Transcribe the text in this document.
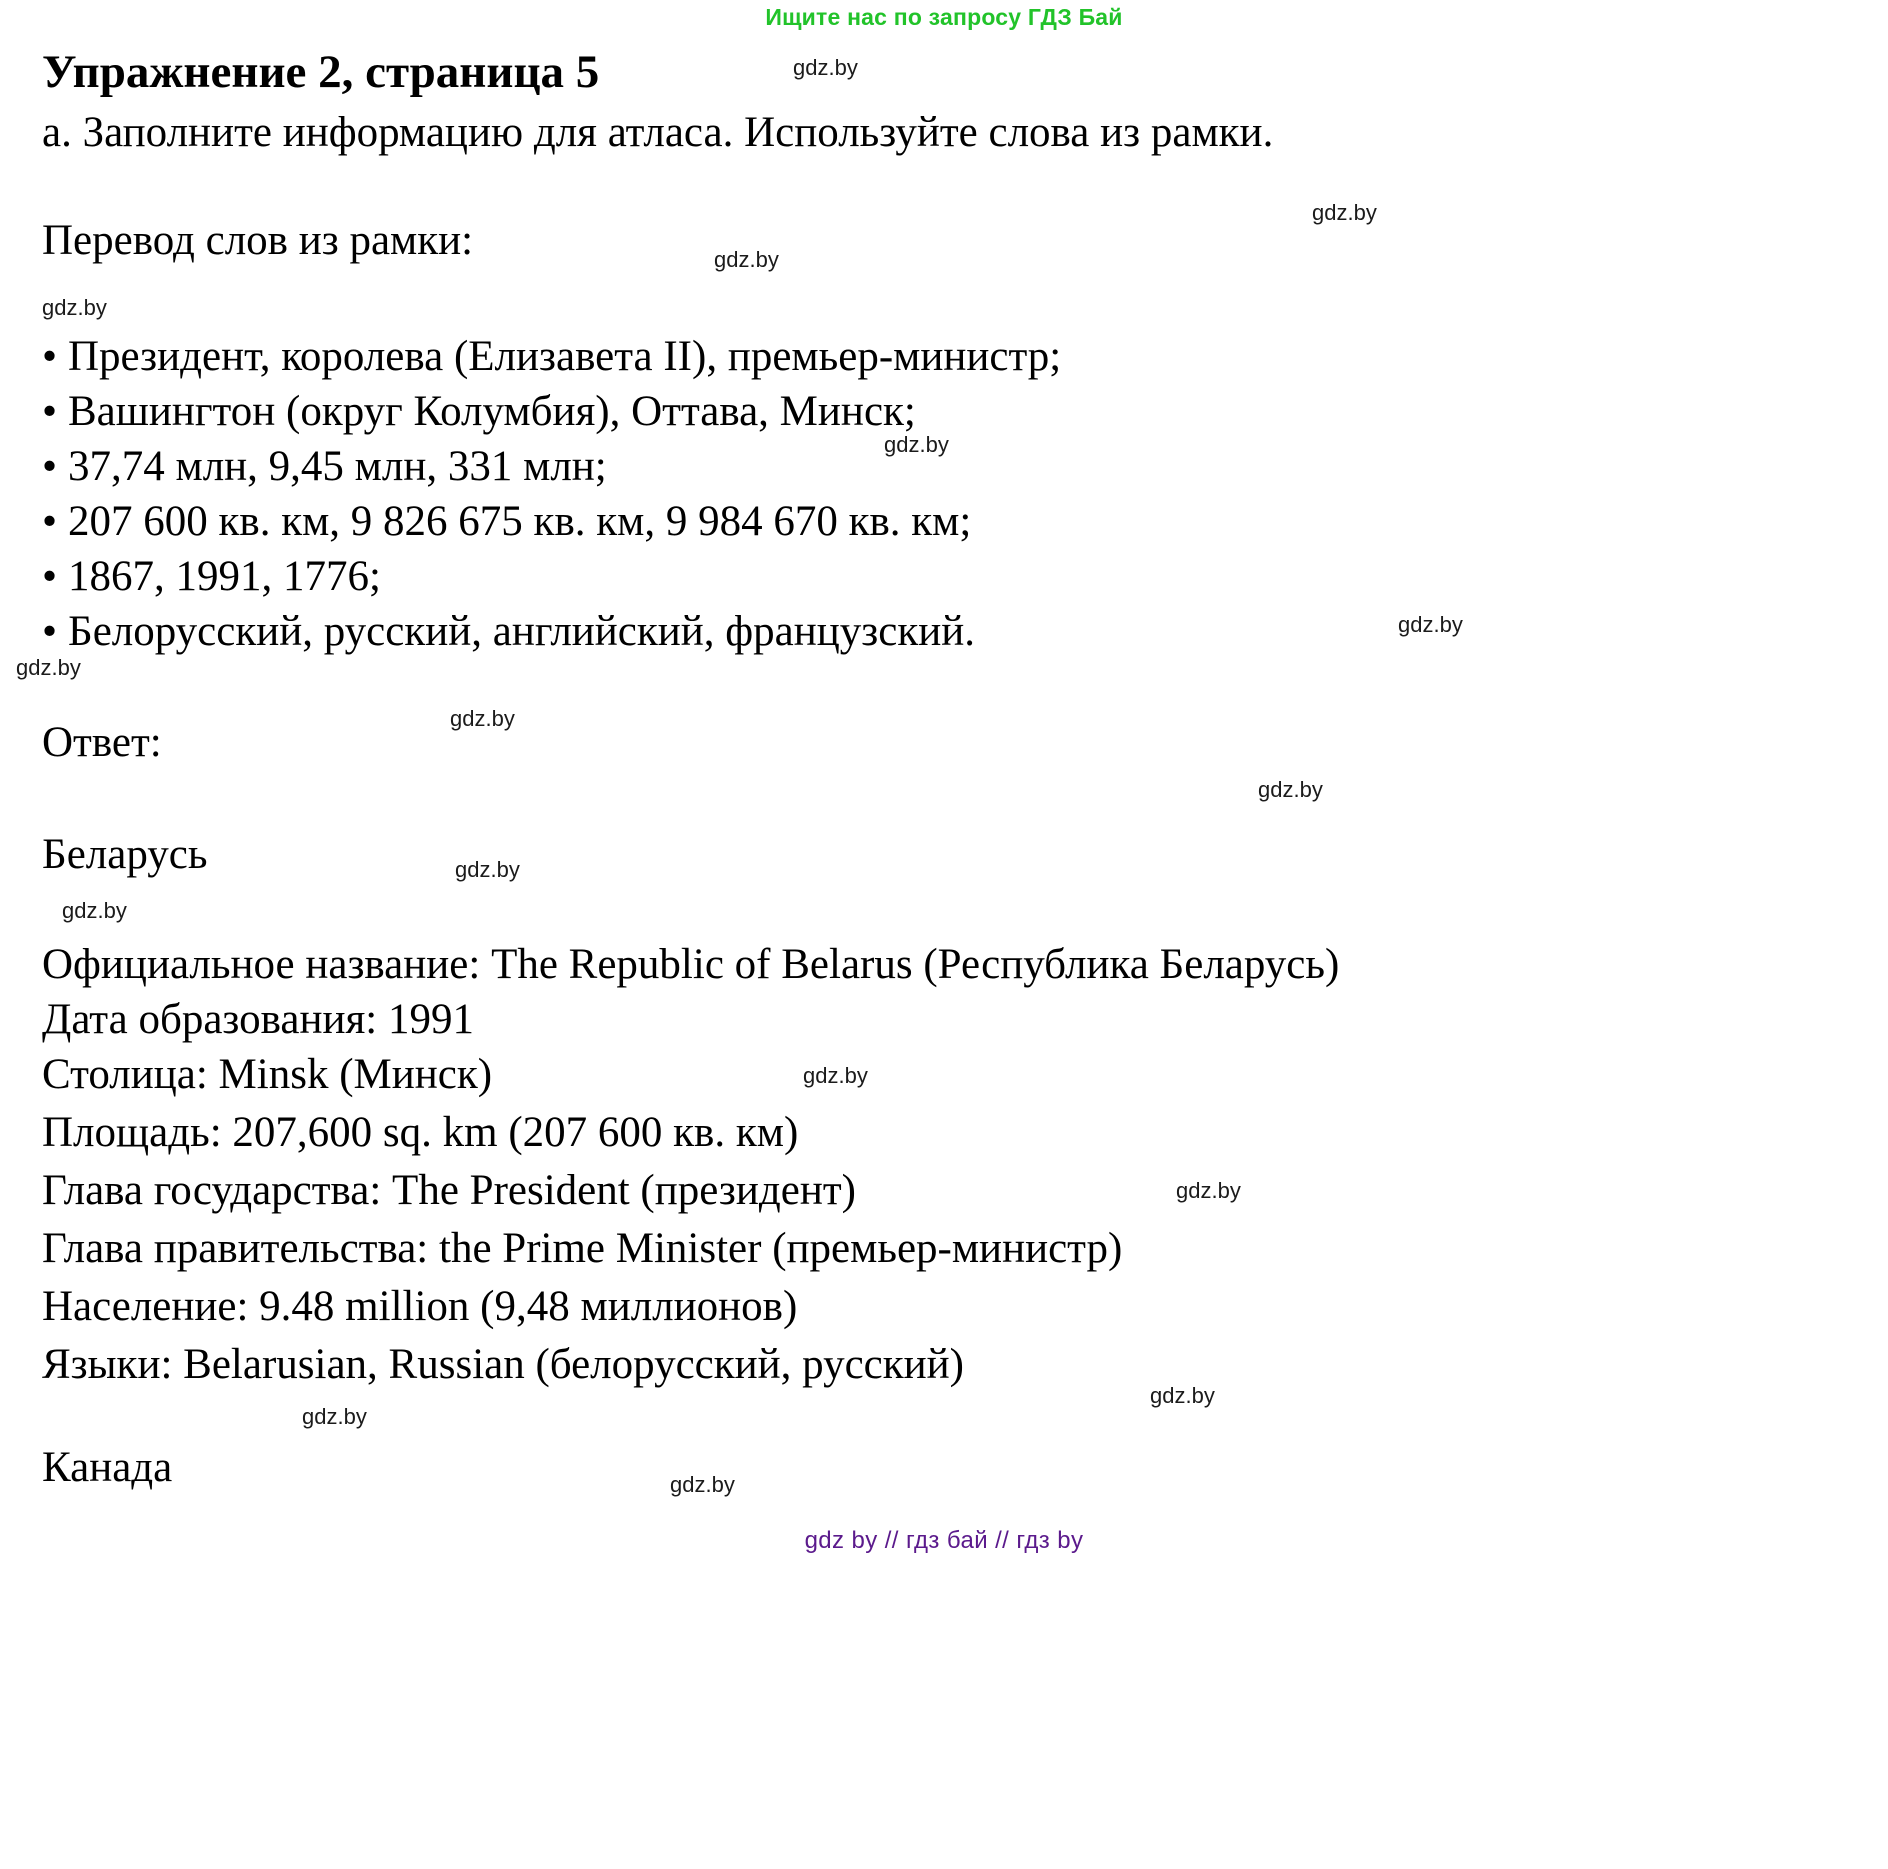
Ищите нас по запросу ГДЗ Бай
gdz.by
gdz.by
gdz.by
gdz.by
gdz.by
gdz.by
gdz.by
gdz.by
gdz.by
gdz.by
gdz.by
gdz.by
gdz.by
gdz.by
gdz.by
gdz.by
Упражнение 2, страница 5
a. Заполните информацию для атласа. Используйте слова из рамки.
Перевод слов из рамки:
• Президент, королева (Елизавета II), премьер-министр;
• Вашингтон (округ Колумбия), Оттава, Минск;
• 37,74 млн, 9,45 млн, 331 млн;
• 207 600 кв. км, 9 826 675 кв. км, 9 984 670 кв. км;
• 1867, 1991, 1776;
• Белорусский, русский, английский, французский.
Ответ:
Беларусь
Официальное название: The Republic of Belarus (Республика Беларусь)
Дата образования: 1991
Столица: Minsk (Минск)
Площадь: 207,600 sq. km (207 600 кв. км)
Глава государства: The President (президент)
Глава правительства: the Prime Minister (премьер-министр)
Население: 9.48 million (9,48 миллионов)
Языки: Belarusian, Russian (белорусский, русский)
Канада
gdz by // гдз бай // гдз by
